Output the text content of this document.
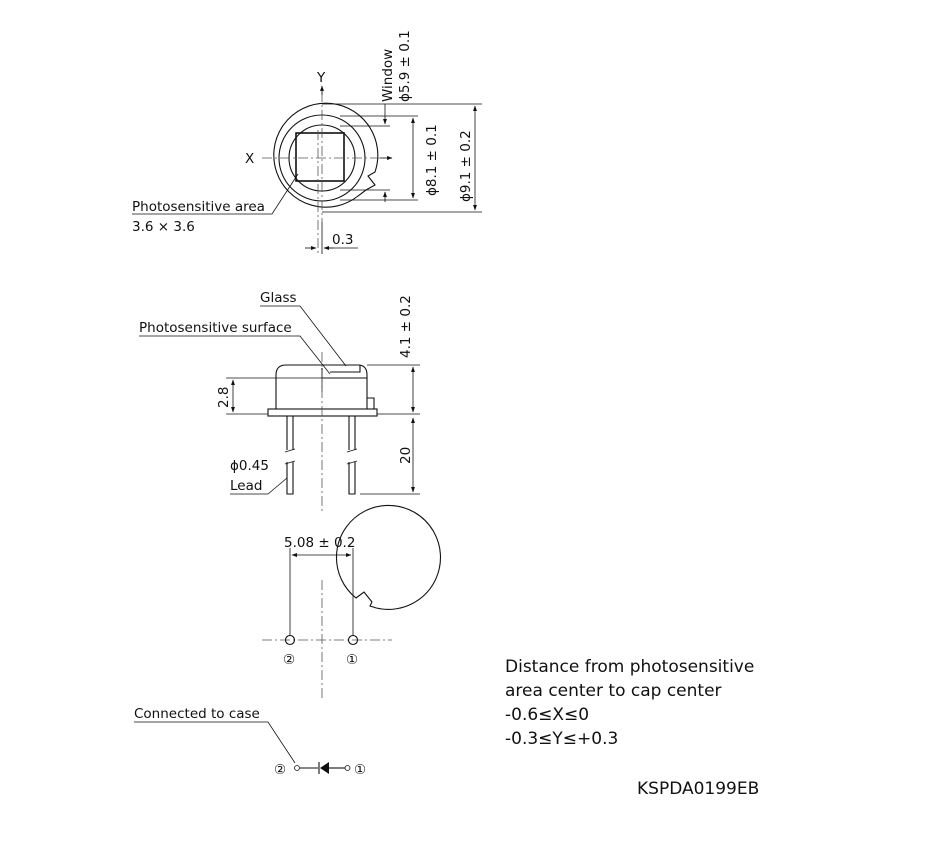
Y
X	ϕ9.1 ± 0.2
ϕ8.1 ± 0.1
Window ϕ5.9 ± 0.1
Photosensitive area
3.6 × 3.6
0.3
Glass
Photosensitive surface	4.1 ± 0.2
2.8
20
ϕ0.45
Lead
②	①
5.08 ± 0.2
Connected to case
②	①
Distance from photosensitive
area center to cap center
-0.6≤X≤0
-0.3≤Y≤+0.3
KSPDA0199EB
